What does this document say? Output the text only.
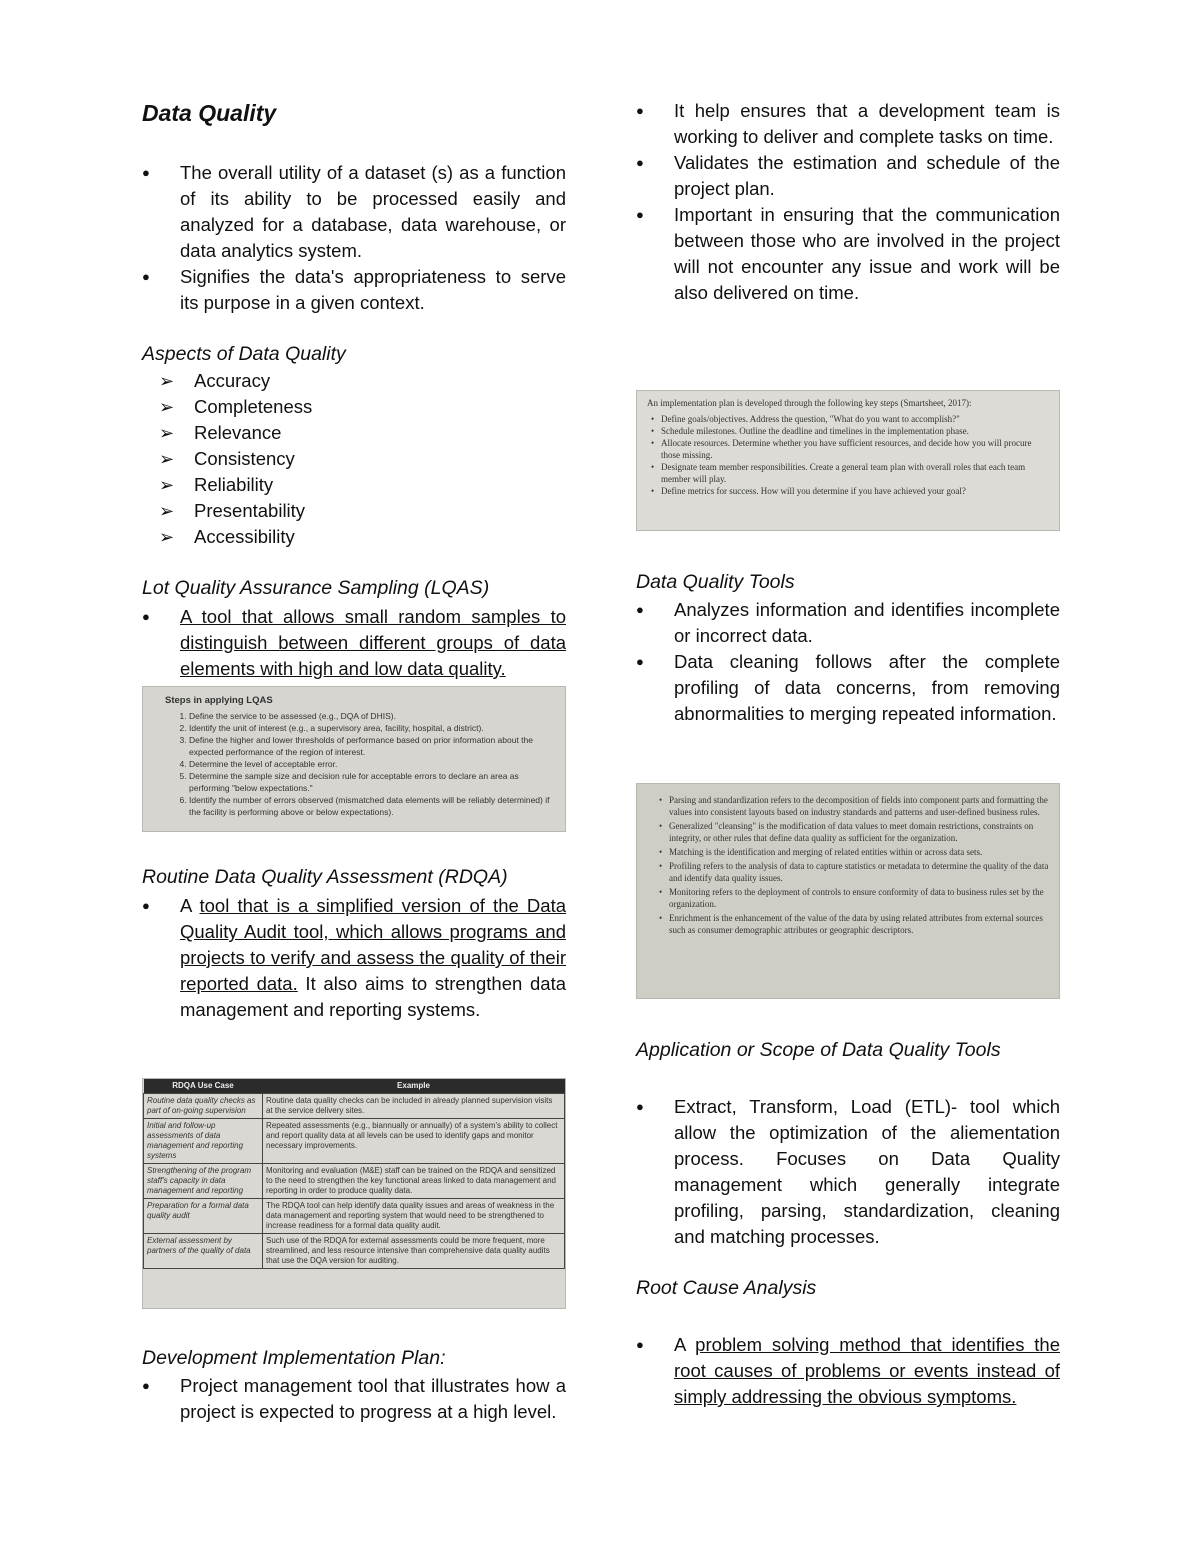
Data Quality
● The overall utility of a dataset (s) as a function of its ability to be processed easily and analyzed for a database, data warehouse, or data analytics system.
● Signifies the data's appropriateness to serve its purpose in a given context.
Aspects of Data Quality
➢ Accuracy
➢ Completeness
➢ Relevance
➢ Consistency
➢ Reliability
➢ Presentability
➢ Accessibility
Lot Quality Assurance Sampling (LQAS)
● A tool that allows small random samples to distinguish between different groups of data elements with high and low data quality.
Steps in applying LQAS
1. Define the service to be assessed (e.g., DQA of DHIS).
2. Identify the unit of interest (e.g., a supervisory area, facility, hospital, a district).
3. Define the higher and lower thresholds of performance based on prior information about the expected performance of the region of interest.
4. Determine the level of acceptable error.
5. Determine the sample size and decision rule for acceptable errors to declare an area as performing "below expectations."
6. Identify the number of errors observed (mismatched data elements will be reliably determined) if the facility is performing above or below expectations).
Routine Data Quality Assessment (RDQA)
● A tool that is a simplified version of the Data Quality Audit tool, which allows programs and projects to verify and assess the quality of their reported data. It also aims to strengthen data management and reporting systems.
RDQA Use Case	Example
Routine data quality checks as part of on-going supervision	Routine data quality checks can be included in already planned supervision visits at the service delivery sites.
Initial and follow-up assessments of data management and reporting systems	Repeated assessments (e.g., biannually or annually) of a system's ability to collect and report quality data at all levels can be used to identify gaps and monitor necessary improvements.
Strengthening of the program staff's capacity in data management and reporting	Monitoring and evaluation (M&E) staff can be trained on the RDQA and sensitized to the need to strengthen the key functional areas linked to data management and reporting in order to produce quality data.
Preparation for a formal data quality audit	The RDQA tool can help identify data quality issues and areas of weakness in the data management and reporting system that would need to be strengthened to increase readiness for a formal data quality audit.
External assessment by partners of the quality of data	Such use of the RDQA for external assessments could be more frequent, more streamlined, and less resource intensive than comprehensive data quality audits that use the DQA version for auditing.
Development Implementation Plan:
● Project management tool that illustrates how a project is expected to progress at a high level.
● It help ensures that a development team is working to deliver and complete tasks on time.
● Validates the estimation and schedule of the project plan.
● Important in ensuring that the communication between those who are involved in the project will not encounter any issue and work will be also delivered on time.
An implementation plan is developed through the following key steps (Smartsheet, 2017):
• Define goals/objectives. Address the question, "What do you want to accomplish?"
• Schedule milestones. Outline the deadline and timelines in the implementation phase.
• Allocate resources. Determine whether you have sufficient resources, and decide how you will procure those missing.
• Designate team member responsibilities. Create a general team plan with overall roles that each team member will play.
• Define metrics for success. How will you determine if you have achieved your goal?
Data Quality Tools
● Analyzes information and identifies incomplete or incorrect data.
● Data cleaning follows after the complete profiling of data concerns, from removing abnormalities to merging repeated information.
• Parsing and standardization refers to the decomposition of fields into component parts and formatting the values into consistent layouts based on industry standards and patterns and user-defined business rules.
• Generalized "cleansing" is the modification of data values to meet domain restrictions, constraints on integrity, or other rules that define data quality as sufficient for the organization.
• Matching is the identification and merging of related entities within or across data sets.
• Profiling refers to the analysis of data to capture statistics or metadata to determine the quality of the data and identify data quality issues.
• Monitoring refers to the deployment of controls to ensure conformity of data to business rules set by the organization.
• Enrichment is the enhancement of the value of the data by using related attributes from external sources such as consumer demographic attributes or geographic descriptors.
Application or Scope of Data Quality Tools
● Extract, Transform, Load (ETL)- tool which allow the optimization of the aliementation process. Focuses on Data Quality management which generally integrate profiling, parsing, standardization, cleaning and matching processes.
Root Cause Analysis
● A problem solving method that identifies the root causes of problems or events instead of simply addressing the obvious symptoms.
